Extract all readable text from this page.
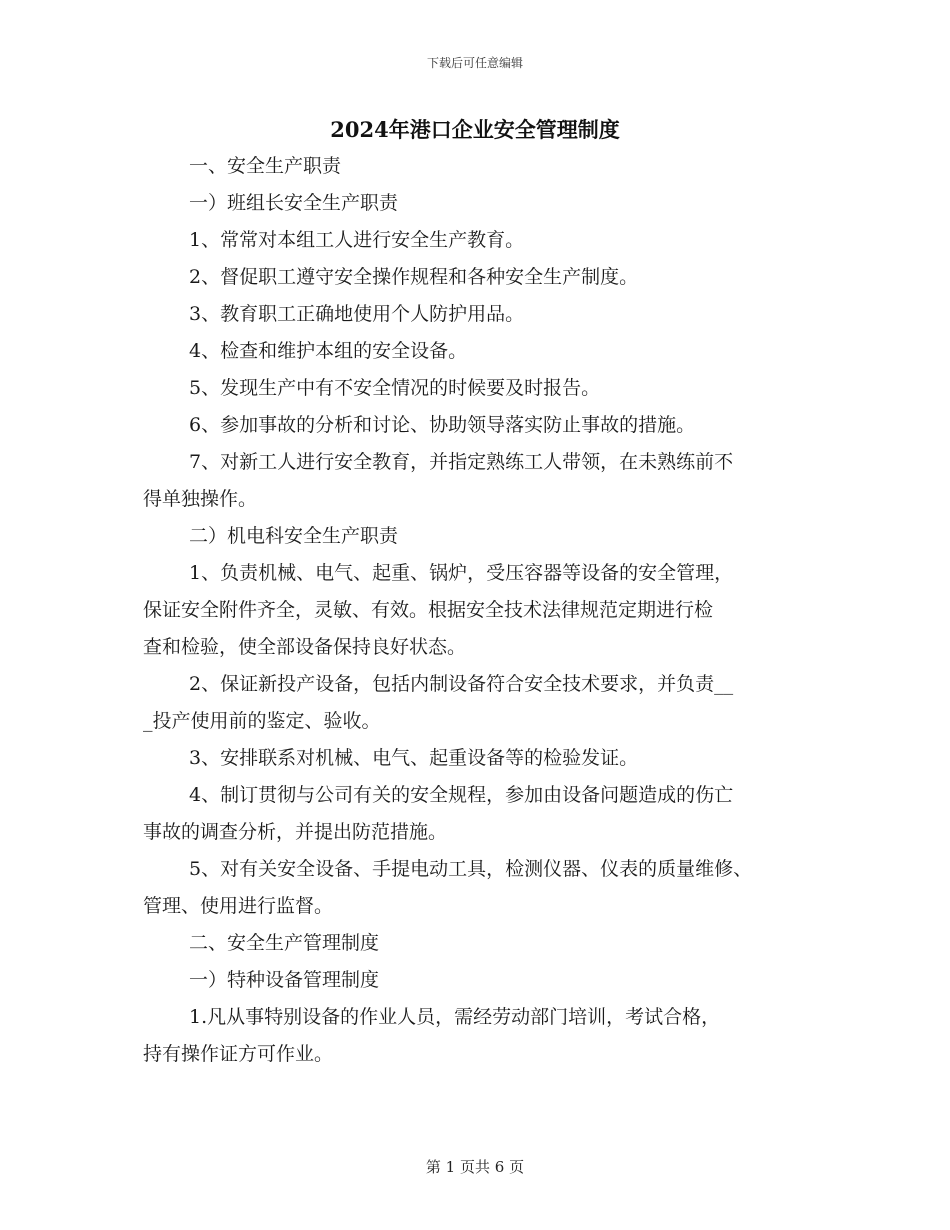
下载后可任意编辑
2024年港口企业安全管理制度

一、安全生产职责

一）班组长安全生产职责

1、常常对本组工人进行安全生产教育。

2、督促职工遵守安全操作规程和各种安全生产制度。

3、教育职工正确地使用个人防护用品。

4、检查和维护本组的安全设备。

5、发现生产中有不安全情况的时候要及时报告。

6、参加事故的分析和讨论、协助领导落实防止事故的措施。

7、对新工人进行安全教育，并指定熟练工人带领，在未熟练前不

得单独操作。

二）机电科安全生产职责

1、负责机械、电气、起重、锅炉，受压容器等设备的安全管理，

保证安全附件齐全，灵敏、有效。根据安全技术法律规范定期进行检

查和检验，使全部设备保持良好状态。

2、保证新投产设备，包括内制设备符合安全技术要求，并负责__

_投产使用前的鉴定、验收。

3、安排联系对机械、电气、起重设备等的检验发证。

4、制订贯彻与公司有关的安全规程，参加由设备问题造成的伤亡

事故的调查分析，并提出防范措施。

5、对有关安全设备、手提电动工具，检测仪器、仪表的质量维修、

管理、使用进行监督。

二、安全生产管理制度

一）特种设备管理制度

1.凡从事特别设备的作业人员，需经劳动部门培训，考试合格，

持有操作证方可作业。

第 1 页共 6 页
